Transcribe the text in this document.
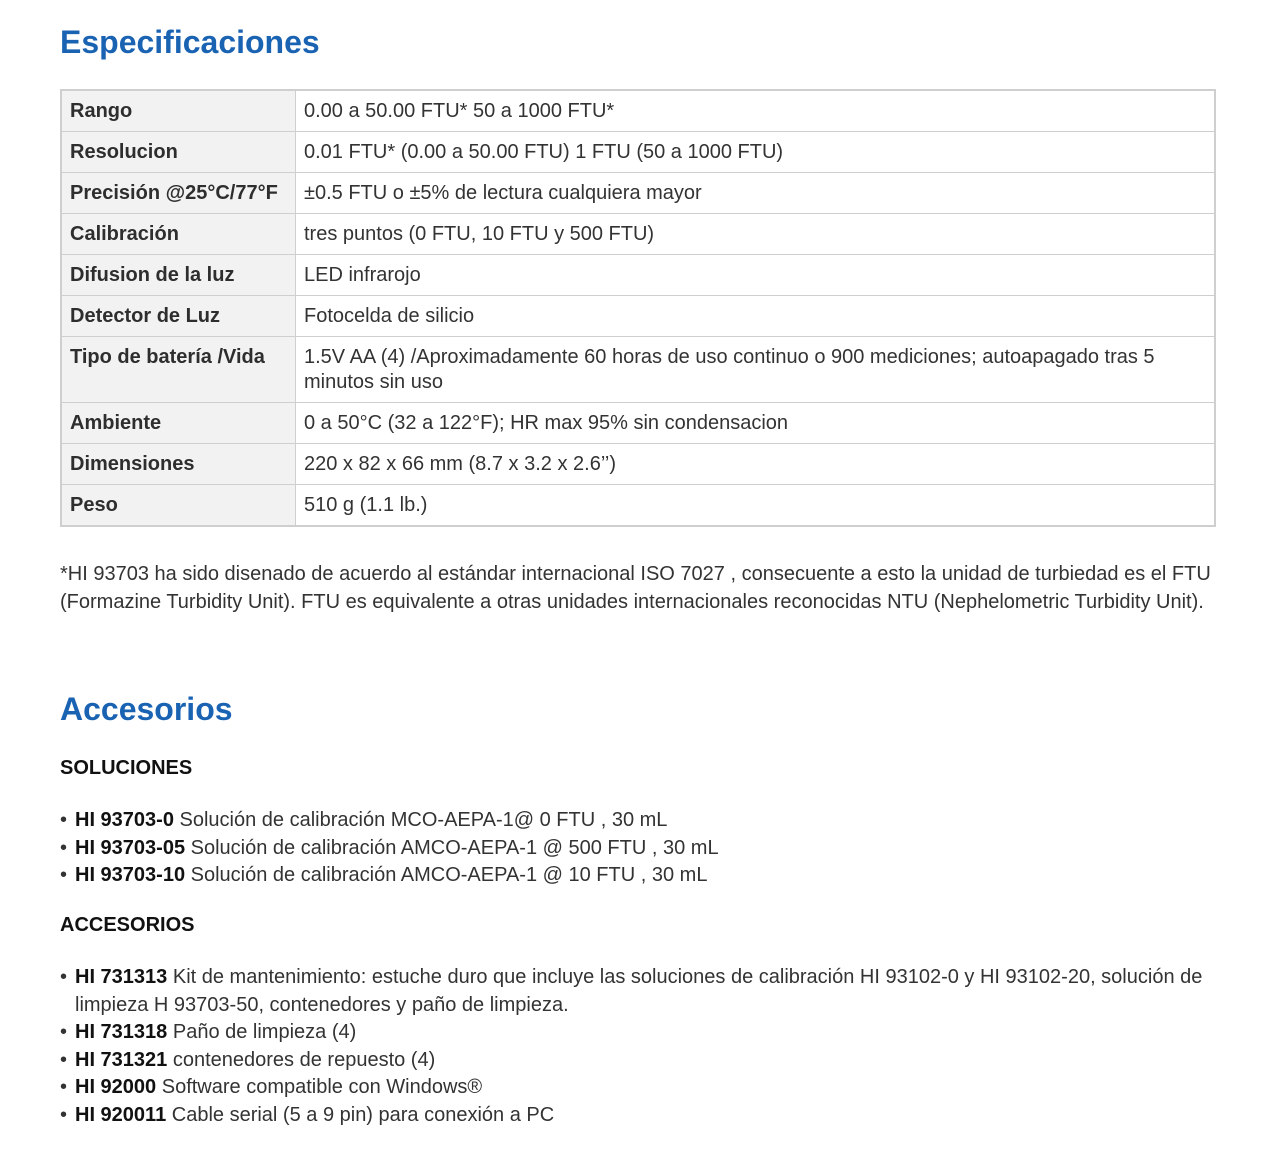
Especificaciones
Rango	0.00 a 50.00 FTU* 50 a 1000 FTU*
Resolucion	0.01 FTU* (0.00 a 50.00 FTU) 1 FTU (50 a 1000 FTU)
Precisión @25°C/77°F	±0.5 FTU o ±5% de lectura cualquiera mayor
Calibración	tres puntos (0 FTU, 10 FTU y 500 FTU)
Difusion de la luz	LED infrarojo
Detector de Luz	Fotocelda de silicio
Tipo de batería /Vida	1.5V AA (4) /Aproximadamente 60 horas de uso continuo o 900 mediciones; autoapagado tras 5 minutos sin uso
Ambiente	0 a 50°C (32 a 122°F); HR max 95% sin condensacion
Dimensiones	220 x 82 x 66 mm (8.7 x 3.2 x 2.6’’)
Peso	510 g (1.1 lb.)
*HI 93703 ha sido disenado de acuerdo al estándar internacional ISO 7027 , consecuente a esto la unidad de turbiedad es el FTU (Formazine Turbidity Unit). FTU es equivalente a otras unidades internacionales reconocidas NTU (Nephelometric Turbidity Unit).
Accesorios
SOLUCIONES
• HI 93703-0 Solución de calibración MCO-AEPA-1@ 0 FTU , 30 mL
• HI 93703-05 Solución de calibración AMCO-AEPA-1 @ 500 FTU , 30 mL
• HI 93703-10 Solución de calibración AMCO-AEPA-1 @ 10 FTU , 30 mL
ACCESORIOS
• HI 731313 Kit de mantenimiento: estuche duro que incluye las soluciones de calibración HI 93102-0 y HI 93102-20, solución de limpieza H 93703-50, contenedores y paño de limpieza.
• HI 731318 Paño de limpieza (4)
• HI 731321 contenedores de repuesto (4)
• HI 92000 Software compatible con Windows®
• HI 920011 Cable serial (5 a 9 pin) para conexión a PC
